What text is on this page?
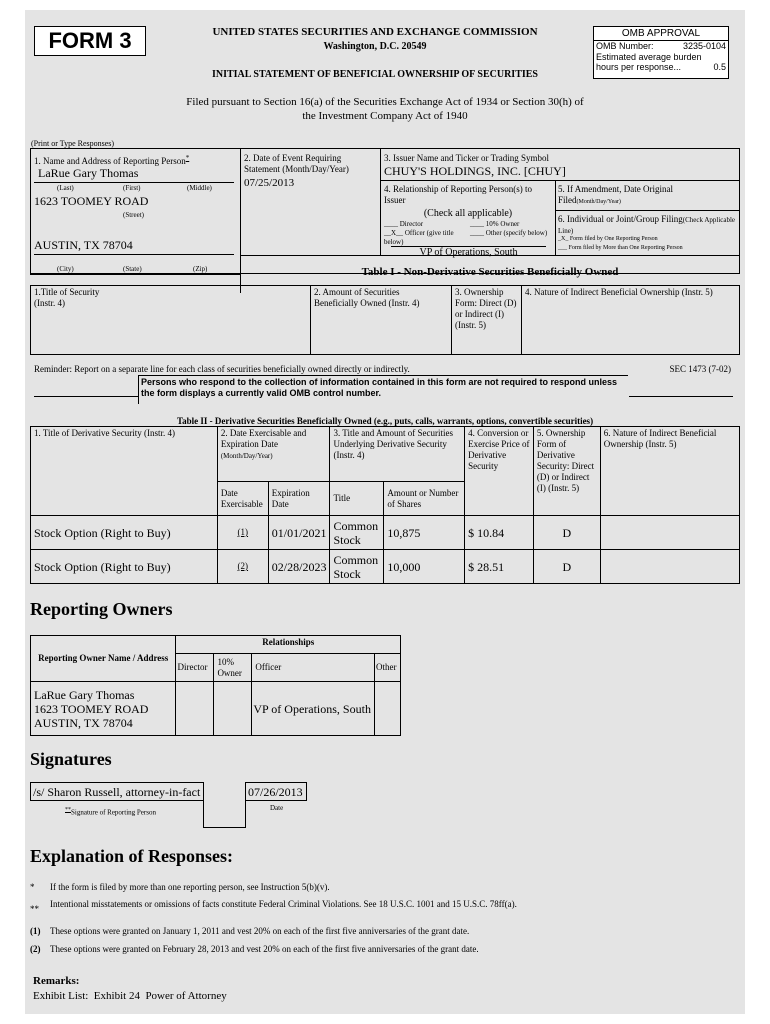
FORM 3	UNITED STATES SECURITIES AND EXCHANGE COMMISSION
Washington, D.C. 20549
INITIAL STATEMENT OF BENEFICIAL OWNERSHIP OF SECURITIES
OMB APPROVAL
OMB Number:	3235-0104
Estimated average burden
hours per response...	0.5
Filed pursuant to Section 16(a) of the Securities Exchange Act of 1934 or Section 30(h) of
the Investment Company Act of 1940
(Print or Type Responses)
1. Name and Address of Reporting Person*
LaRue Gary Thomas
(Last)	(First)	(Middle)
1623 TOOMEY ROAD
(Street)
AUSTIN, TX 78704
(City)	(State)	(Zip)
2. Date of Event Requiring Statement (Month/Day/Year)
07/25/2013
3. Issuer Name and Ticker or Trading Symbol
CHUY'S HOLDINGS, INC. [CHUY]
4. Relationship of Reporting Person(s) to Issuer
(Check all applicable)
____ Director	____ 10% Owner
__X__ Officer (give title below)
____ Other (specify below)
VP of Operations, South
5. If Amendment, Date Original Filed(Month/Day/Year)
6. Individual or Joint/Group Filing(Check Applicable Line)
_X_ Form filed by One Reporting Person
___ Form filed by More than One Reporting Person
Table I - Non-Derivative Securities Beneficially Owned
1.Title of Security (Instr. 4)
2. Amount of Securities Beneficially Owned (Instr. 4)
3. Ownership Form: Direct (D) or Indirect (I) (Instr. 5)
4. Nature of Indirect Beneficial Ownership (Instr. 5)
Reminder: Report on a separate line for each class of securities beneficially owned directly or indirectly.	SEC 1473 (7-02)
Persons who respond to the collection of information contained in this form are not required to respond unless the form displays a currently valid OMB control number.
Table II - Derivative Securities Beneficially Owned (e.g., puts, calls, warrants, options, convertible securities)
1. Title of Derivative Security (Instr. 4)	2. Date Exercisable and Expiration Date
(Month/Day/Year)		3. Title and Amount of Securities Underlying Derivative Security (Instr. 4)		4. Conversion or Exercise Price of Derivative Security	5. Ownership Form of Derivative Security: Direct (D) or Indirect (I) (Instr. 5)	6. Nature of Indirect Beneficial Ownership (Instr. 5)
	Date Exercisable	Expiration Date	Title	Amount or Number of Shares			
Stock Option (Right to Buy)	(1)	01/01/2021	Common Stock	10,875	$ 10.84	D	
Stock Option (Right to Buy)	(2)	02/28/2023	Common Stock	10,000	$ 28.51	D	
Reporting Owners
Reporting Owner Name / Address	Relationships			
	Director	10% Owner	Officer	Other

LaRue Gary Thomas
1623 TOOMEY ROAD
AUSTIN, TX 78704			VP of Operations, South	
Signatures
/s/ Sharon Russell, attorney-in-fact	07/26/2013
**Signature of Reporting Person
Date
Explanation of Responses:
*	If the form is filed by more than one reporting person, see Instruction 5(b)(v).
**	Intentional misstatements or omissions of facts constitute Federal Criminal Violations. See 18 U.S.C. 1001 and 15 U.S.C. 78ff(a).
(1)	These options were granted on January 1, 2011 and vest 20% on each of the first five anniversaries of the grant date.
(2)	These options were granted on February 28, 2013 and vest 20% on each of the first five anniversaries of the grant date.
Remarks:
Exhibit List:  Exhibit 24  Power of Attorney
